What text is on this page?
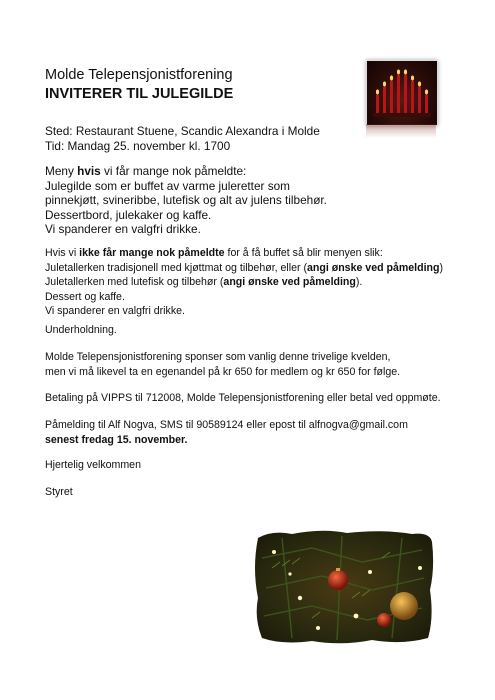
Molde Telepensjonistforening
INVITERER TIL JULEGILDE
Sted: Restaurant Stuene, Scandic Alexandra i Molde
Tid: Mandag 25. november kl. 1700
Meny hvis vi får mange nok påmeldte:
Julegilde som er buffet av varme juleretter som
pinnekjøtt, svineribbe, lutefisk og alt av julens tilbehør.
Dessertbord, julekaker og kaffe.
Vi spanderer en valgfri drikke.
Hvis vi ikke får mange nok påmeldte for å få buffet så blir menyen slik:
Juletallerken tradisjonell med kjøttmat og tilbehør, eller (angi ønske ved påmelding)
Juletallerken med lutefisk og tilbehør (angi ønske ved påmelding).
Dessert og kaffe.
Vi spanderer en valgfri drikke.
Underholdning.
Molde Telepensjonistforening sponser som vanlig denne trivelige kvelden,
men vi må likevel ta en egenandel på kr 650 for medlem og kr 650 for følge.
Betaling på VIPPS til 712008, Molde Telepensjonistforening eller betal ved oppmøte.
Påmelding til Alf Nogva, SMS til 90589124 eller epost til alfnogva@gmail.com
senest fredag 15. november.
Hjertelig velkommen
Styret
